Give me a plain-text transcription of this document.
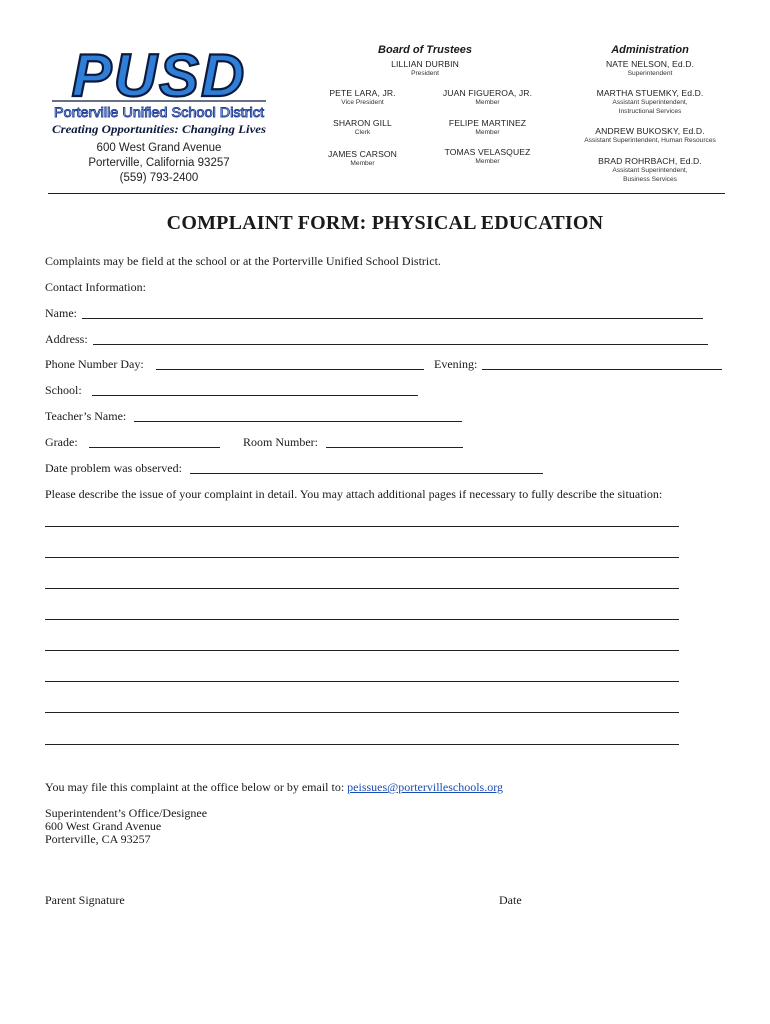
PUSD
Porterville Unified School District
Creating Opportunities: Changing Lives
600 West Grand Avenue
Porterville, California 93257
(559) 793-2400
Board of Trustees
LILLIAN DURBIN
President
PETE LARA, JR.
Vice President
JUAN FIGUEROA, JR.
Member
SHARON GILL
Clerk
FELIPE MARTINEZ
Member
JAMES CARSON
Member
TOMAS VELASQUEZ
Member
Administration
NATE NELSON, Ed.D.
Superintendent
MARTHA STUEMKY, Ed.D.
Assistant Superintendent,
Instructional Services
ANDREW BUKOSKY, Ed.D.
Assistant Superintendent, Human Resources
BRAD ROHRBACH, Ed.D.
Assistant Superintendent,
Business Services
COMPLAINT FORM: PHYSICAL EDUCATION
Complaints may be field at the school or at the Porterville Unified School District.
Contact Information:
Name:
Address:
Phone Number Day:	Evening:
School:
Teacher’s Name:
Grade:	Room Number:
Date problem was observed:
Please describe the issue of your complaint in detail. You may attach additional pages if necessary to fully describe the situation:
You may file this complaint at the office below or by email to: peissues@portervilleschools.org
Superintendent’s Office/Designee
600 West Grand Avenue
Porterville, CA 93257
Parent Signature	Date
